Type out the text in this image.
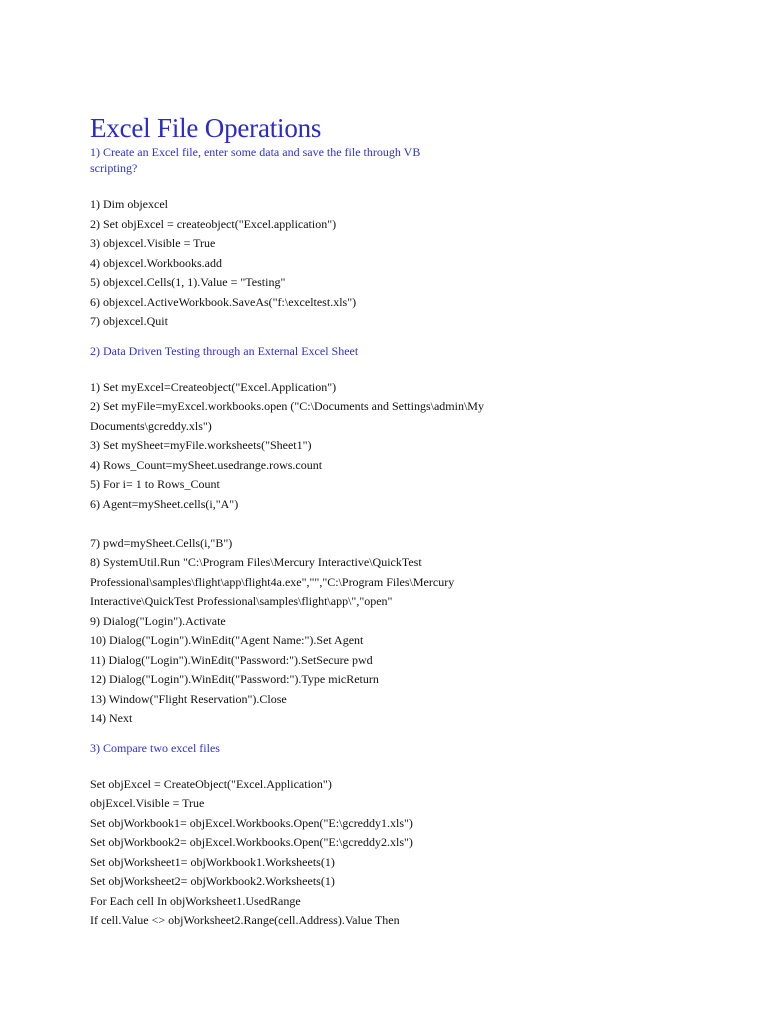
Excel File Operations

1) Create an Excel file, enter some data and save the file through VB

scripting?

1) Dim objexcel

2) Set objExcel = createobject("Excel.application")

3) objexcel.Visible = True

4) objexcel.Workbooks.add

5) objexcel.Cells(1, 1).Value = "Testing"

6) objexcel.ActiveWorkbook.SaveAs("f:\exceltest.xls")

7) objexcel.Quit

2) Data Driven Testing through an External Excel Sheet

1) Set myExcel=Createobject("Excel.Application")

2) Set myFile=myExcel.workbooks.open ("C:\Documents and Settings\admin\My

Documents\gcreddy.xls")

3) Set mySheet=myFile.worksheets("Sheet1")

4) Rows_Count=mySheet.usedrange.rows.count

5) For i= 1 to Rows_Count

6) Agent=mySheet.cells(i,"A")

7) pwd=mySheet.Cells(i,"B")

8) SystemUtil.Run "C:\Program Files\Mercury Interactive\QuickTest

Professional\samples\flight\app\flight4a.exe","","C:\Program Files\Mercury

Interactive\QuickTest Professional\samples\flight\app\","open"

9) Dialog("Login").Activate

10) Dialog("Login").WinEdit("Agent Name:").Set Agent

11) Dialog("Login").WinEdit("Password:").SetSecure pwd

12) Dialog("Login").WinEdit("Password:").Type micReturn

13) Window("Flight Reservation").Close

14) Next

3) Compare two excel files

Set objExcel = CreateObject("Excel.Application")

objExcel.Visible = True

Set objWorkbook1= objExcel.Workbooks.Open("E:\gcreddy1.xls")

Set objWorkbook2= objExcel.Workbooks.Open("E:\gcreddy2.xls")

Set objWorksheet1= objWorkbook1.Worksheets(1)

Set objWorksheet2= objWorkbook2.Worksheets(1)

For Each cell In objWorksheet1.UsedRange

If cell.Value <> objWorksheet2.Range(cell.Address).Value Then
